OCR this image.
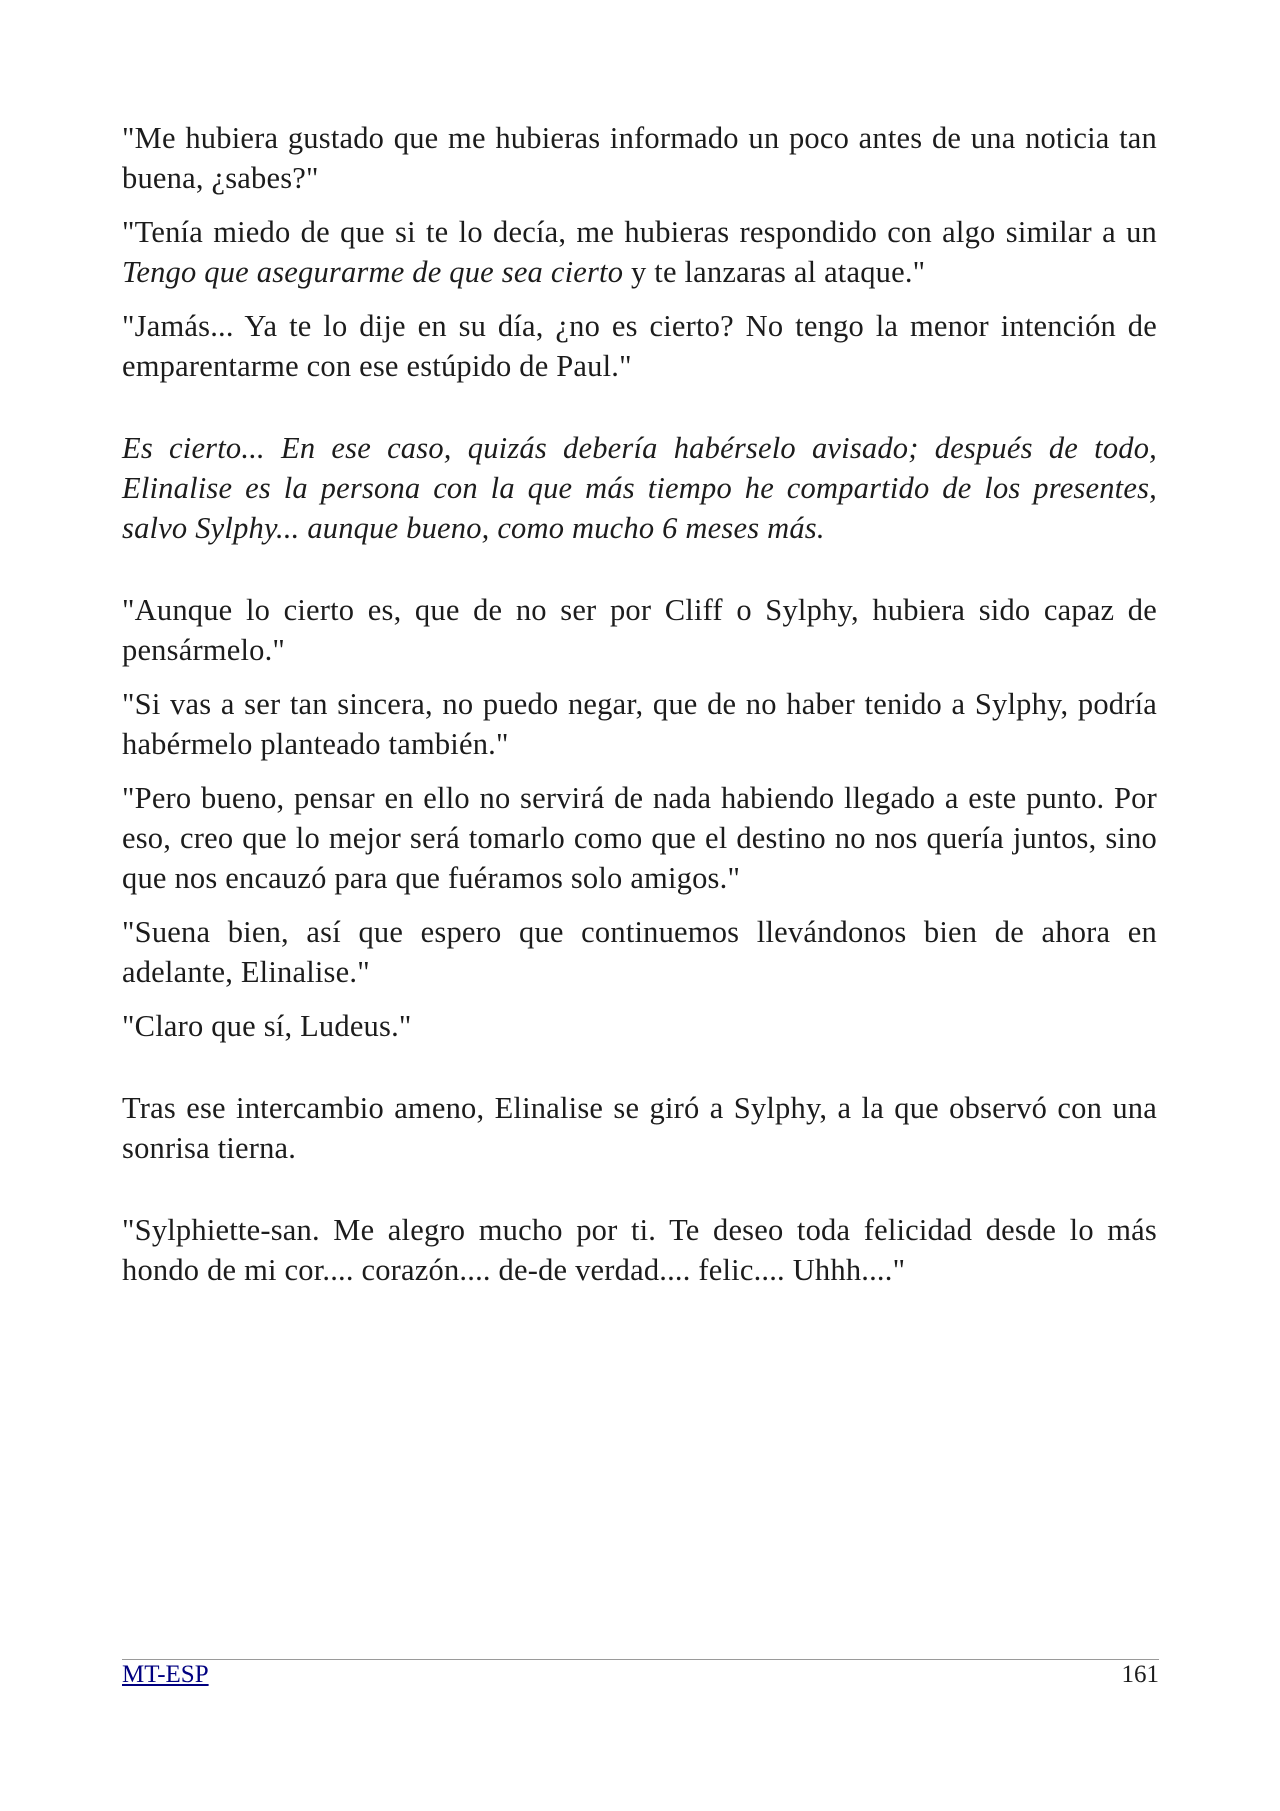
"Me hubiera gustado que me hubieras informado un poco antes de una noticia tan buena, ¿sabes?"

"Tenía miedo de que si te lo decía, me hubieras respondido con algo similar a un Tengo que asegurarme de que sea cierto y te lanzaras al ataque."

"Jamás... Ya te lo dije en su día, ¿no es cierto? No tengo la menor intención de emparentarme con ese estúpido de Paul."

Es cierto... En ese caso, quizás debería habérselo avisado; después de todo, Elinalise es la persona con la que más tiempo he compartido de los presentes, salvo Sylphy... aunque bueno, como mucho 6 meses más.

"Aunque lo cierto es, que de no ser por Cliff o Sylphy, hubiera sido capaz de pensármelo."

"Si vas a ser tan sincera, no puedo negar, que de no haber tenido a Sylphy, podría habérmelo planteado también."

"Pero bueno, pensar en ello no servirá de nada habiendo llegado a este punto. Por eso, creo que lo mejor será tomarlo como que el destino no nos quería juntos, sino que nos encauzó para que fuéramos solo amigos."

"Suena bien, así que espero que continuemos llevándonos bien de ahora en adelante, Elinalise."

"Claro que sí, Ludeus."

Tras ese intercambio ameno, Elinalise se giró a Sylphy, a la que observó con una sonrisa tierna.

"Sylphiette-san. Me alegro mucho por ti. Te deseo toda felicidad desde lo más hondo de mi cor.... corazón.... de-de verdad.... felic.... Uhhh...."

MT-ESP	161
